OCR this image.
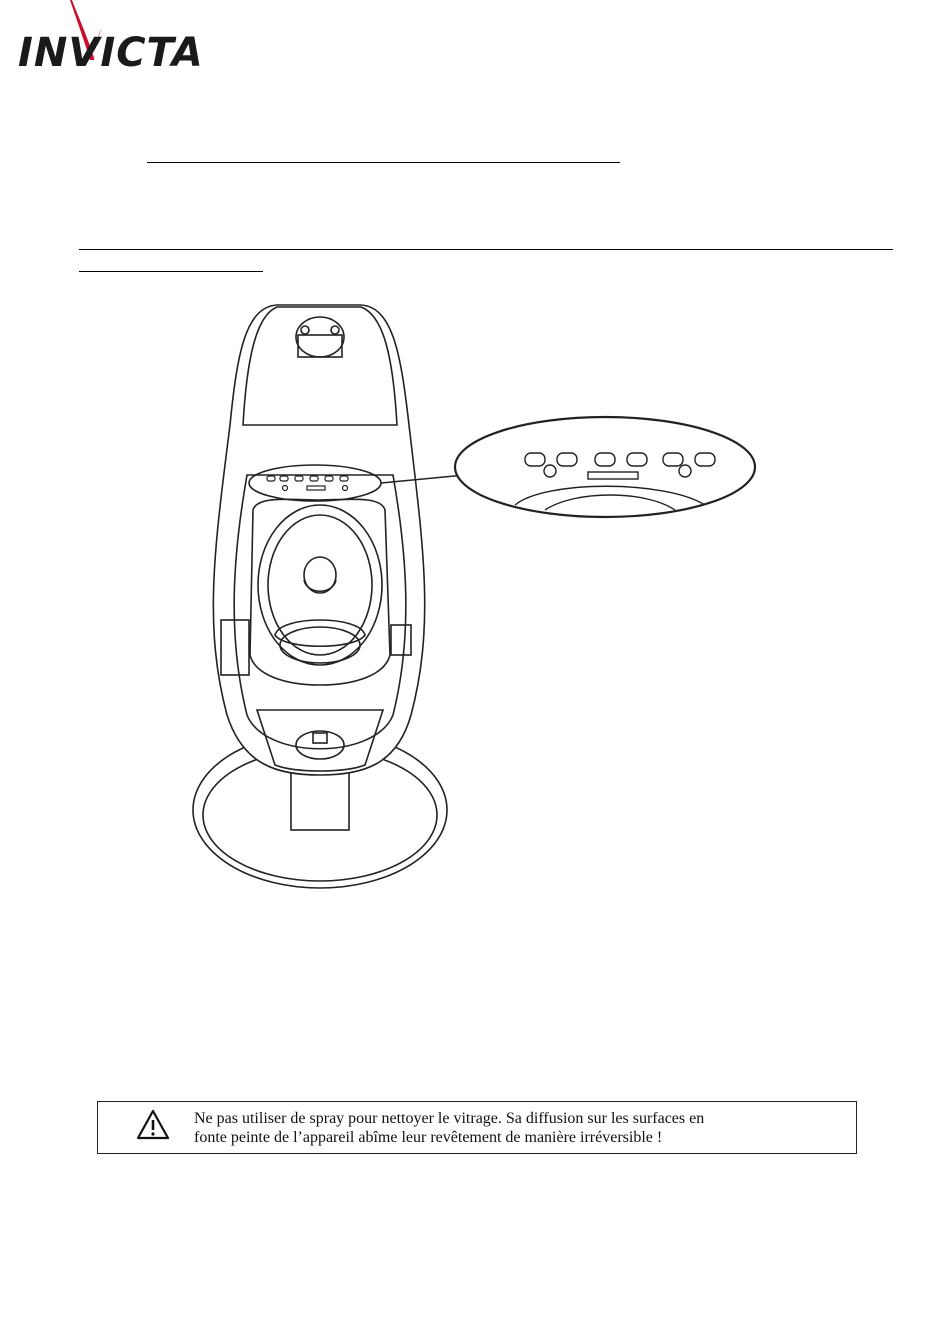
INVICTA
Ne pas utiliser de spray pour nettoyer le vitrage. Sa diffusion sur les surfaces en
fonte peinte de l’appareil abîme leur revêtement de manière irréversible !
